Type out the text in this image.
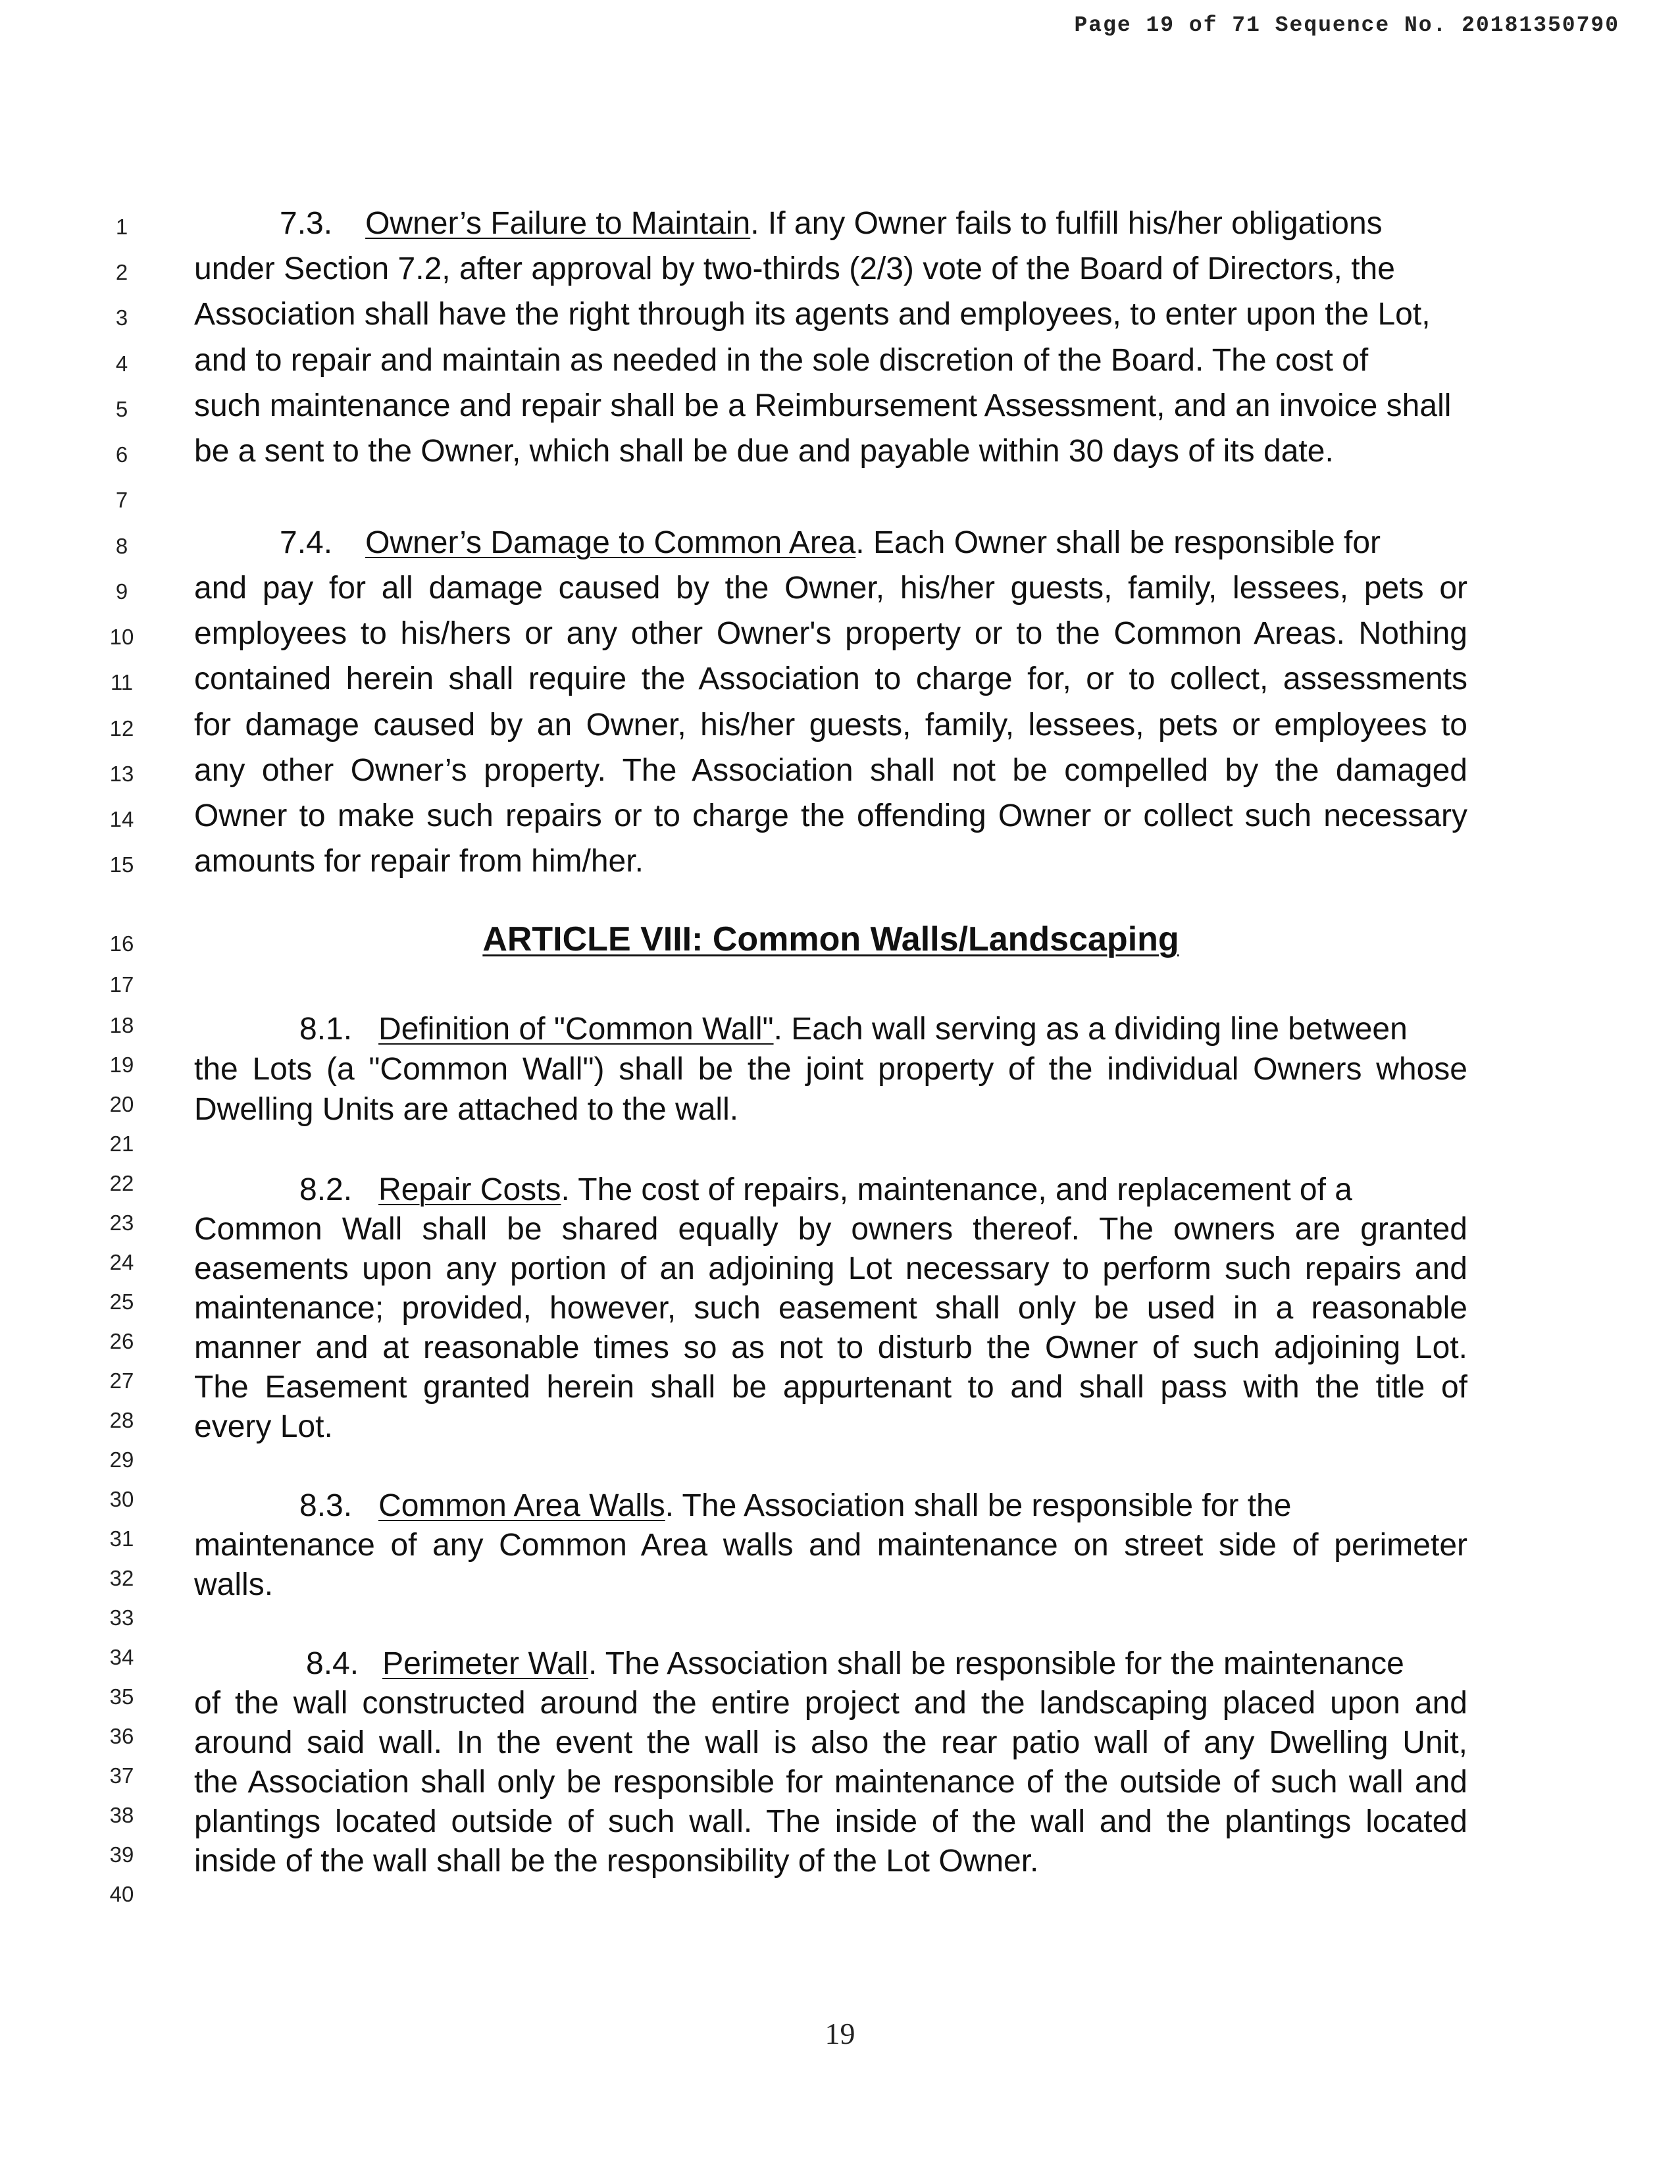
Page 19 of 71 Sequence No. 20181350790
1
2
3
4
5
6
7
8
9
10
11
12
13
14
15
16
17
18
19
20
21
22
23
24
25
26
27
28
29
30
31
32
33
34
35
36
37
38
39
40
7.3. Owner’s Failure to Maintain. If any Owner fails to fulfill his/her obligations
under Section 7.2, after approval by two-thirds (2/3) vote of the Board of Directors, the
Association shall have the right through its agents and employees, to enter upon the Lot,
and to repair and maintain as needed in the sole discretion of the Board. The cost of
such maintenance and repair shall be a Reimbursement Assessment, and an invoice shall
be a sent to the Owner, which shall be due and payable within 30 days of its date.
7.4. Owner’s Damage to Common Area. Each Owner shall be responsible for
and pay for all damage caused by the Owner, his/her guests, family, lessees, pets or
employees to his/hers or any other Owner's property or to the Common Areas. Nothing
contained herein shall require the Association to charge for, or to collect, assessments
for damage caused by an Owner, his/her guests, family, lessees, pets or employees to
any other Owner’s property. The Association shall not be compelled by the damaged
Owner to make such repairs or to charge the offending Owner or collect such necessary
amounts for repair from him/her.
ARTICLE VIII: Common Walls/Landscaping
8.1. Definition of "Common Wall". Each wall serving as a dividing line between
the Lots (a "Common Wall") shall be the joint property of the individual Owners whose
Dwelling Units are attached to the wall.
8.2. Repair Costs. The cost of repairs, maintenance, and replacement of a
Common Wall shall be shared equally by owners thereof. The owners are granted
easements upon any portion of an adjoining Lot necessary to perform such repairs and
maintenance; provided, however, such easement shall only be used in a reasonable
manner and at reasonable times so as not to disturb the Owner of such adjoining Lot.
The Easement granted herein shall be appurtenant to and shall pass with the title of
every Lot.
8.3. Common Area Walls. The Association shall be responsible for the
maintenance of any Common Area walls and maintenance on street side of perimeter
walls.
8.4. Perimeter Wall. The Association shall be responsible for the maintenance
of the wall constructed around the entire project and the landscaping placed upon and
around said wall. In the event the wall is also the rear patio wall of any Dwelling Unit,
the Association shall only be responsible for maintenance of the outside of such wall and
plantings located outside of such wall. The inside of the wall and the plantings located
inside of the wall shall be the responsibility of the Lot Owner.
19
